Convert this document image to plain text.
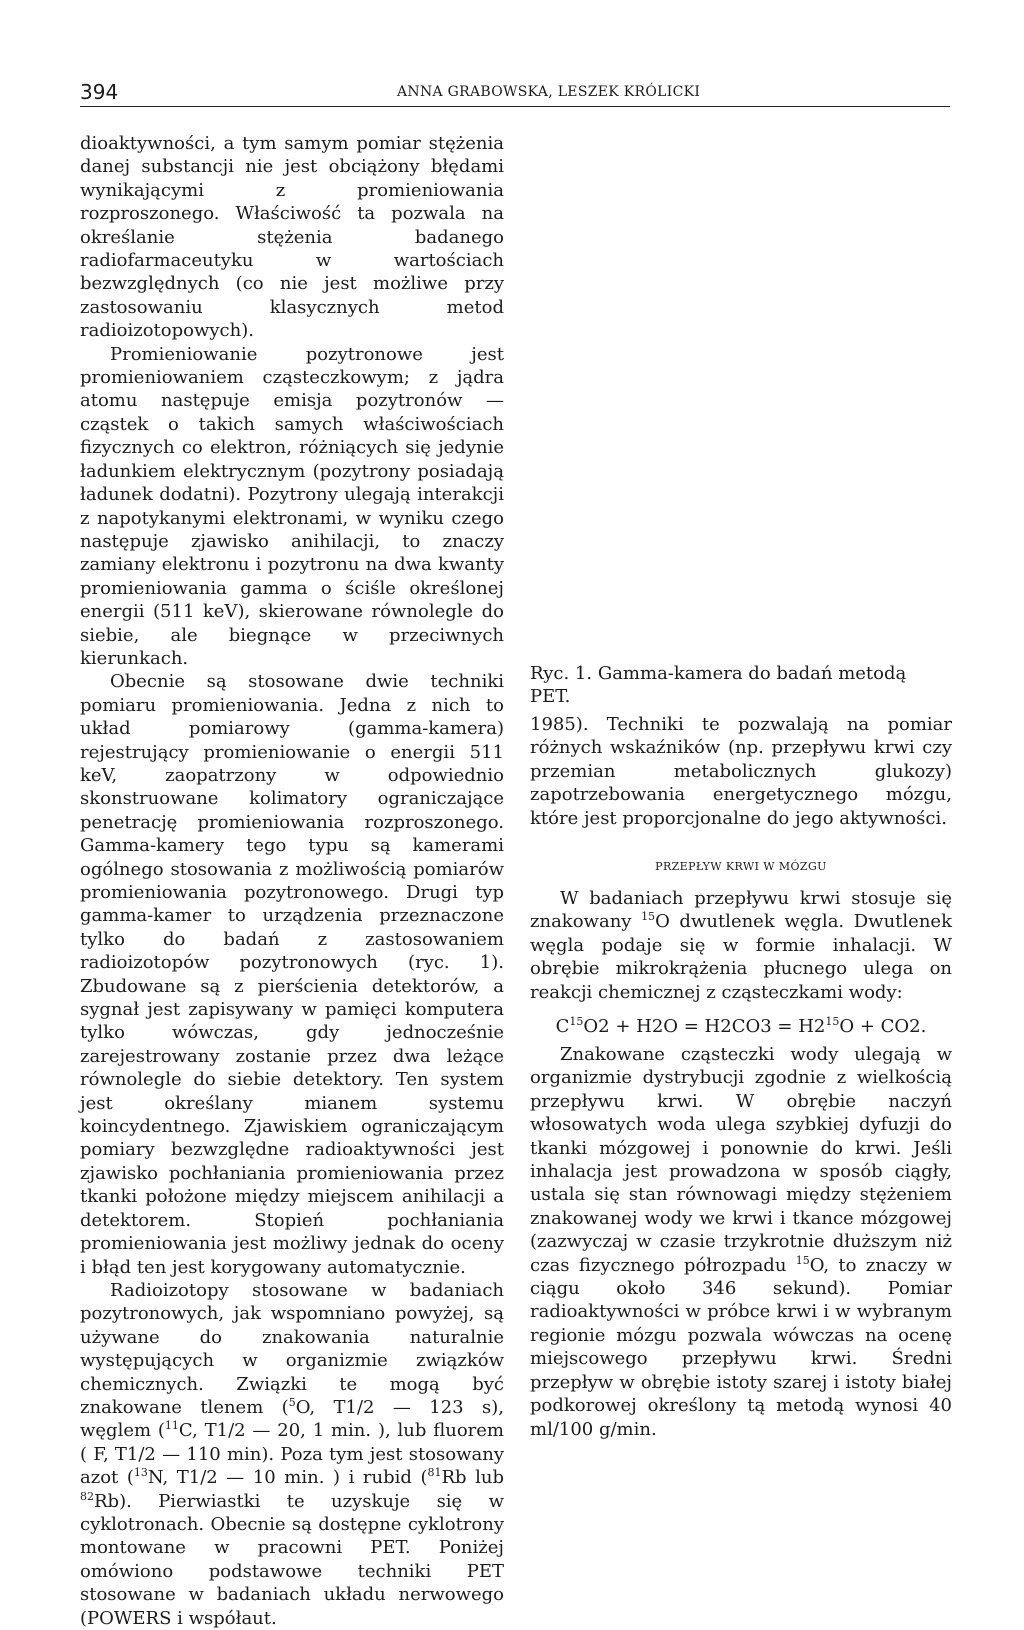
394	ANNA GRABOWSKA, LESZEK KRÓLICKI

dioaktywności, a tym samym pomiar stężenia danej substancji nie jest obciążony błędami wynikającymi z promieniowania rozproszonego. Właściwość ta pozwala na określanie stężenia badanego radiofarmaceutyku w wartościach bezwzględnych (co nie jest możliwe przy zastosowaniu klasycznych metod radioizotopowych).

Promieniowanie pozytronowe jest promieniowaniem cząsteczkowym; z jądra atomu następuje emisja pozytronów — cząstek o takich samych właściwościach fizycznych co elektron, różniących się jedynie ładunkiem elektrycznym (pozytrony posiadają ładunek dodatni). Pozytrony ulegają interakcji z napotykanymi elektronami, w wyniku czego następuje zjawisko anihilacji, to znaczy zamiany elektronu i pozytronu na dwa kwanty promieniowania gamma o ściśle określonej energii (511 keV), skierowane równolegle do siebie, ale biegnące w przeciwnych kierunkach.

Obecnie są stosowane dwie techniki pomiaru promieniowania. Jedna z nich to układ pomiarowy (gamma-kamera) rejestrujący promieniowanie o energii 511 keV, zaopatrzony w odpowiednio skonstruowane kolimatory ograniczające penetrację promieniowania rozproszonego. Gamma-kamery tego typu są kamerami ogólnego stosowania z możliwością pomiarów promieniowania pozytronowego. Drugi typ gamma-kamer to urządzenia przeznaczone tylko do badań z zastosowaniem radioizotopów pozytronowych (ryc. 1). Zbudowane są z pierścienia detektorów, a sygnał jest zapisywany w pamięci komputera tylko wówczas, gdy jednocześnie zarejestrowany zostanie przez dwa leżące równolegle do siebie detektory. Ten system jest określany mianem systemu koincydentnego. Zjawiskiem ograniczającym pomiary bezwzględne radioaktywności jest zjawisko pochłaniania promieniowania przez tkanki położone między miejscem anihilacji a detektorem. Stopień pochłaniania promieniowania jest możliwy jednak do oceny i błąd ten jest korygowany automatycznie.

Radioizotopy stosowane w badaniach pozytronowych, jak wspomniano powyżej, są używane do znakowania naturalnie występujących w organizmie związków chemicznych. Związki te mogą być znakowane tlenem ($^5$O, T1/2 — 123 s), węglem ($^{11}$C, T1/2 — 20, 1 min. ), lub fluorem ( F, T1/2 — 110 min). Poza tym jest stosowany azot ($^{13}$N, T1/2 — 10 min. ) i rubid ($^{81}$Rb lub $^{82}$Rb). Pierwiastki te uzyskuje się w cyklotronach. Obecnie są dostępne cyklotrony montowane w pracowni PET. Poniżej omówiono podstawowe techniki PET stosowane w badaniach układu nerwowego (POWERS i współaut.

Ryc. 1. Gamma-kamera do badań metodą PET.

1985). Techniki te pozwalają na pomiar różnych wskaźników (np. przepływu krwi czy przemian metabolicznych glukozy) zapotrzebowania energetycznego mózgu, które jest proporcjonalne do jego aktywności.

PRZEPŁYW KRWI W MÓZGU

W badaniach przepływu krwi stosuje się znakowany $^{15}$O dwutlenek węgla. Dwutlenek węgla podaje się w formie inhalacji. W obrębie mikrokrążenia płucnego ulega on reakcji chemicznej z cząsteczkami wody:

$C^{15}O2 + H2O = H2CO3 = H2^{15}O + CO2$.

Znakowane cząsteczki wody ulegają w organizmie dystrybucji zgodnie z wielkością przepływu krwi. W obrębie naczyń włosowatych woda ulega szybkiej dyfuzji do tkanki mózgowej i ponownie do krwi. Jeśli inhalacja jest prowadzona w sposób ciągły, ustala się stan równowagi między stężeniem znakowanej wody we krwi i tkance mózgowej (zazwyczaj w czasie trzykrotnie dłuższym niż czas fizycznego półrozpadu $^{15}$O, to znaczy w ciągu około 346 sekund). Pomiar radioaktywności w próbce krwi i w wybranym regionie mózgu pozwala wówczas na ocenę miejscowego przepływu krwi. Średni przepływ w obrębie istoty szarej i istoty białej podkorowej określony tą metodą wynosi 40 ml/100 g/min.
